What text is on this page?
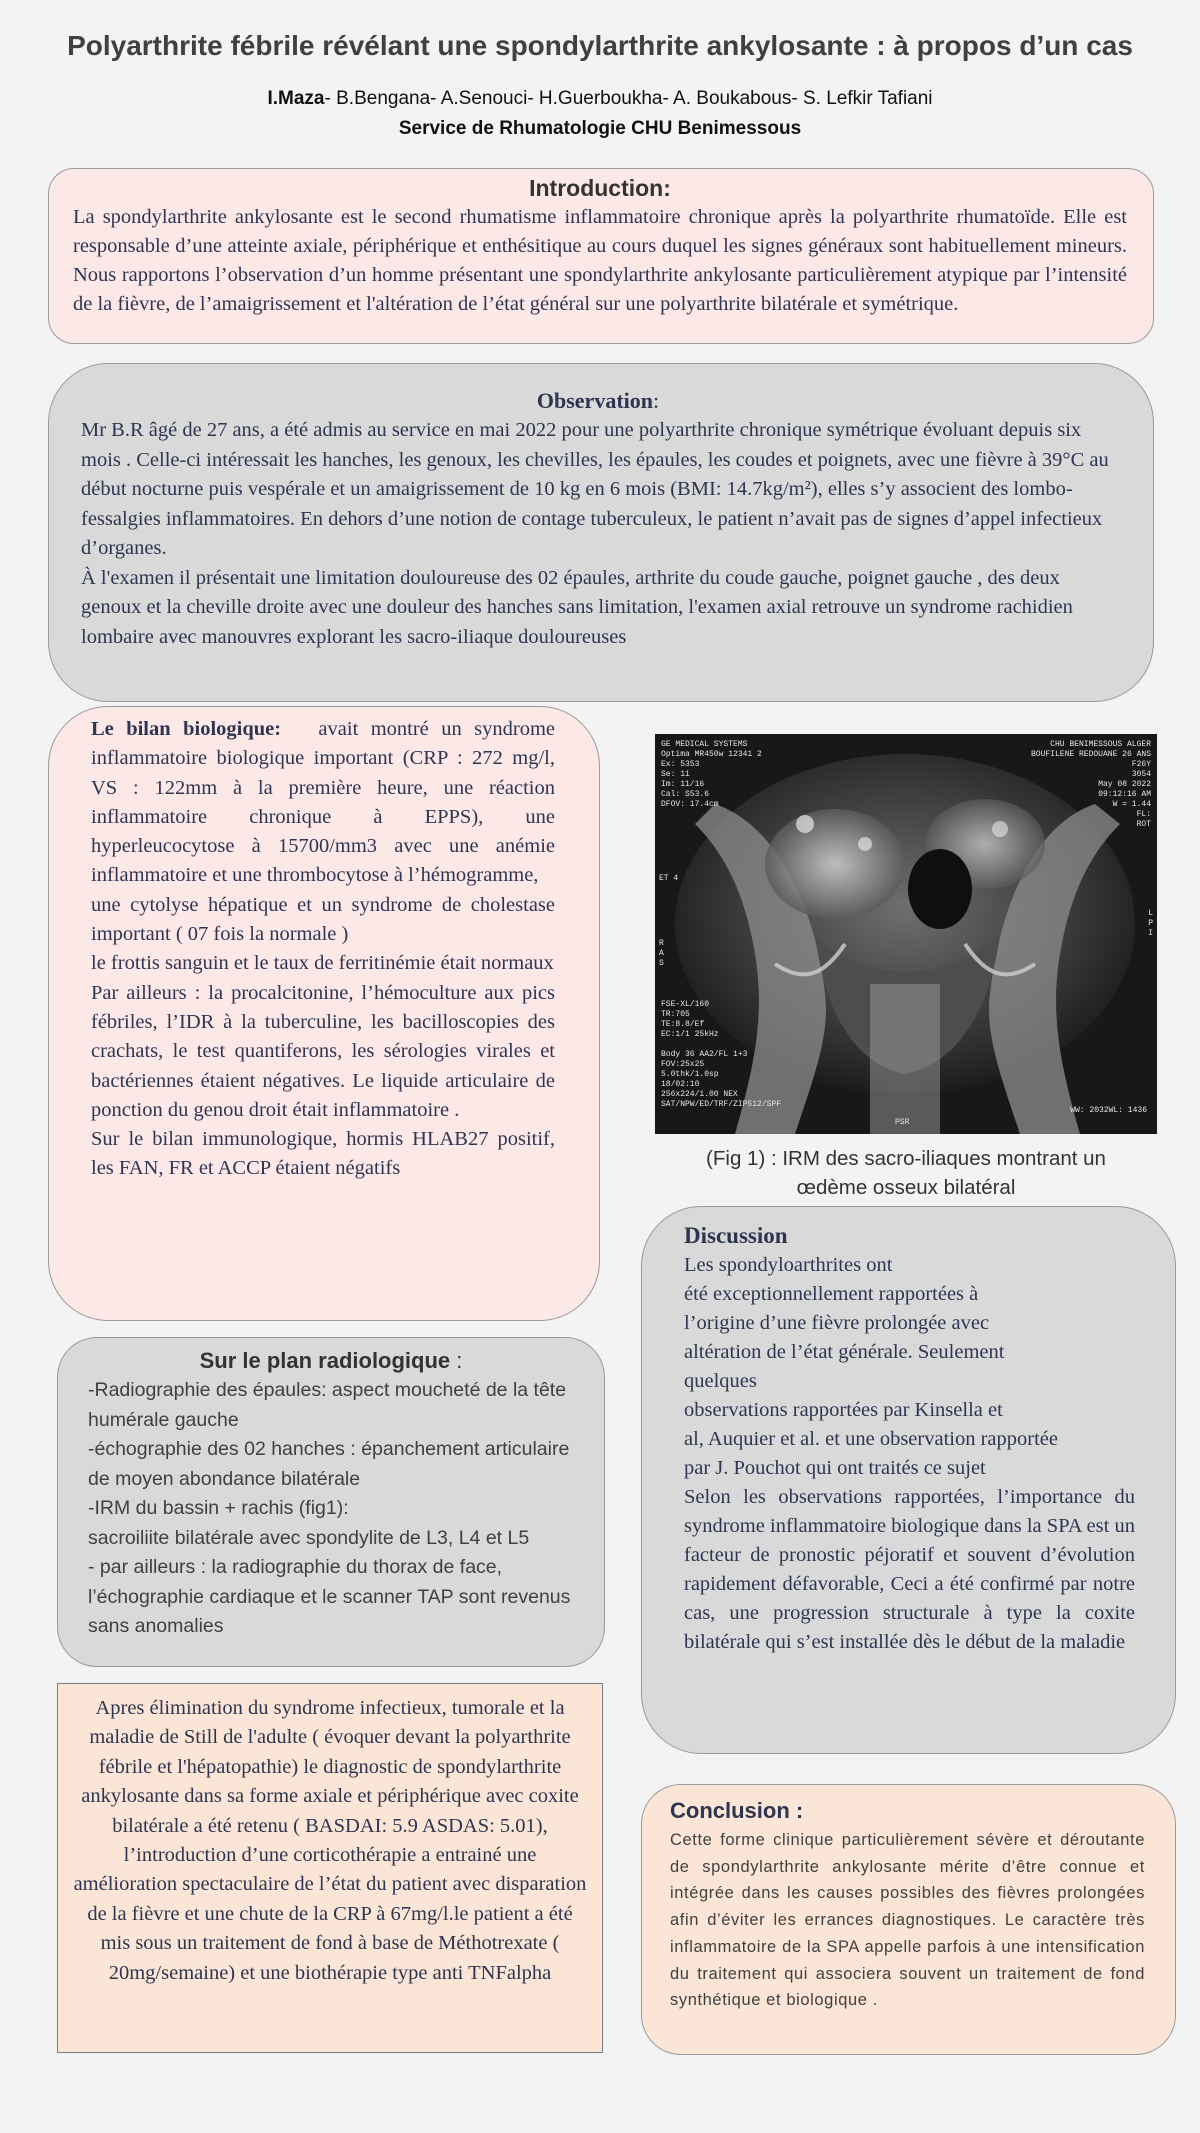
Polyarthrite fébrile révélant une spondylarthrite ankylosante : à propos d’un cas
I.Maza- B.Bengana- A.Senouci- H.Guerboukha- A. Boukabous- S. Lefkir Tafiani
Service de Rhumatologie CHU Benimessous
Introduction:
La spondylarthrite ankylosante est le second rhumatisme inflammatoire chronique après la polyarthrite rhumatoïde. Elle est responsable d’une atteinte axiale, périphérique et enthésitique au cours duquel les signes généraux sont habituellement mineurs. Nous rapportons l’observation d’un homme présentant une spondylarthrite ankylosante particulièrement atypique par l’intensité de la fièvre, de l’amaigrissement et l'altération de l’état général sur une polyarthrite bilatérale et symétrique.
Observation:
Mr B.R âgé de 27 ans, a été admis au service en mai 2022 pour une polyarthrite chronique symétrique évoluant depuis six mois . Celle-ci intéressait les hanches, les genoux, les chevilles, les épaules, les coudes et poignets, avec une fièvre à 39°C au début nocturne puis vespérale et un amaigrissement de 10 kg en 6 mois (BMI: 14.7kg/m²), elles s’y associent des lombo-fessalgies inflammatoires. En dehors d’une notion de contage tuberculeux, le patient n’avait pas de signes d’appel infectieux d’organes.
À l'examen il présentait une limitation douloureuse des 02 épaules, arthrite du coude gauche, poignet gauche , des deux genoux et la cheville droite avec une douleur des hanches sans limitation, l'examen axial retrouve un syndrome rachidien lombaire avec manouvres explorant les sacro-iliaque douloureuses
Le bilan biologique: avait montré un syndrome inflammatoire biologique important (CRP : 272 mg/l, VS : 122mm à la première heure, une réaction inflammatoire chronique à EPPS), une hyperleucocytose à 15700/mm3 avec une anémie inflammatoire et une thrombocytose à l’hémogramme,
une cytolyse hépatique et un syndrome de cholestase important ( 07 fois la normale )
le frottis sanguin et le taux de ferritinémie était normaux
Par ailleurs : la procalcitonine, l’hémoculture aux pics fébriles, l’IDR à la tuberculine, les bacilloscopies des crachats, le test quantiferons, les sérologies virales et bactériennes étaient négatives. Le liquide articulaire de ponction du genou droit était inflammatoire .
Sur le bilan immunologique, hormis HLAB27 positif, les FAN, FR et ACCP étaient négatifs
GE MEDICAL SYSTEMS
Optima MR450w 12341 2
Ex: 5353
Se: 11
Im: 11/16
Cal: S53.6
DFOV: 17.4cm
CHU BENIMESSOUS ALGER
BOUFILENE REDOUANE 26 ANS
F26Y
3054
May 08 2022
09:12:16 AM
W = 1.44
FL:
ROT
ET 4
R
A
S
L
P
I
FSE-XL/160
TR:705
TE:8.8/Ef
EC:1/1 25kHz

Body 36 AA2/FL 1+3
FOV:25x25
5.0thk/1.0sp
18/02:10
256x224/1.00 NEX
SAT/NPW/ED/TRF/ZIP512/SPF
PSR
WW: 2032WL: 1436
(Fig 1) : IRM des sacro-iliaques montrant un
œdème osseux bilatéral
Discussion
Les spondyloarthrites ont
été exceptionnellement rapportées à
l’origine d’une fièvre prolongée avec
altération de l’état générale. Seulement
quelques
observations rapportées par Kinsella et
al, Auquier et al. et une observation rapportée
par J. Pouchot qui ont traités ce sujet
Selon les observations rapportées, l’importance du syndrome inflammatoire biologique dans la SPA est un facteur de pronostic péjoratif et souvent d’évolution rapidement défavorable, Ceci a été confirmé par notre cas, une progression structurale à type la coxite bilatérale qui s’est installée dès le début de la maladie
Sur le plan radiologique :
-Radiographie des épaules: aspect moucheté de la tête humérale gauche
-échographie des 02 hanches : épanchement articulaire de moyen abondance bilatérale
-IRM du bassin + rachis (fig1):
sacroiliite bilatérale avec spondylite de L3, L4 et L5
- par ailleurs : la radiographie du thorax de face, l’échographie cardiaque et le scanner TAP sont revenus sans anomalies
Apres élimination du syndrome infectieux, tumorale et la maladie de Still de l'adulte ( évoquer devant la polyarthrite fébrile et l'hépatopathie) le diagnostic de spondylarthrite ankylosante dans sa forme axiale et périphérique avec coxite bilatérale a été retenu ( BASDAI: 5.9 ASDAS: 5.01), l’introduction d’une corticothérapie a entrainé une amélioration spectaculaire de l’état du patient avec disparation de la fièvre et une chute de la CRP à 67mg/l.le patient a été mis sous un traitement de fond à base de Méthotrexate ( 20mg/semaine) et une biothérapie type anti TNFalpha
Conclusion :
Cette forme clinique particulièrement sévère et déroutante de spondylarthrite ankylosante mérite d’être connue et intégrée dans les causes possibles des fièvres prolongées afin d’éviter les errances diagnostiques. Le caractère très inflammatoire de la SPA appelle parfois à une intensification du traitement qui associera souvent un traitement de fond synthétique et biologique .
